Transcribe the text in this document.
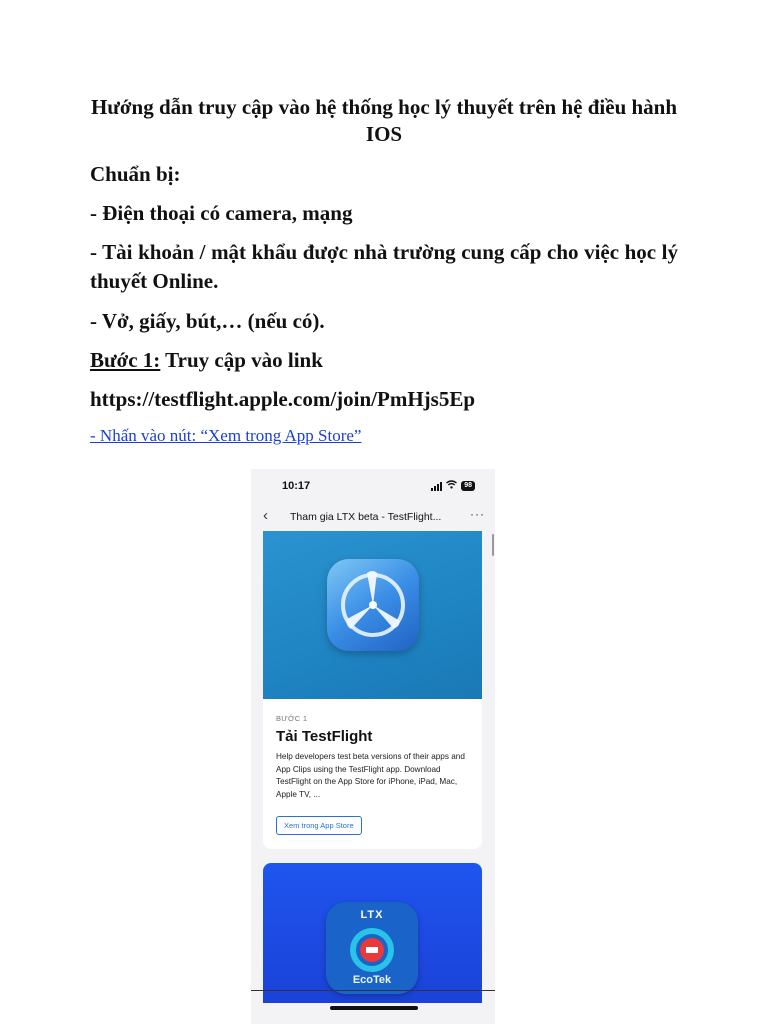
Hướng dẫn truy cập vào hệ thống học lý thuyết trên hệ điều hành IOS
Chuẩn bị:
- Điện thoại có camera, mạng
- Tài khoản / mật khẩu được nhà trường cung cấp cho việc học lý thuyết Online.
- Vở, giấy, bút,… (nếu có).
Bước 1: Truy cập vào link
https://testflight.apple.com/join/PmHjs5Ep
- Nhấn vào nút: “Xem trong App Store”
10:17	98
‹ Tham gia LTX beta - TestFlight... ···
BƯỚC 1
Tải TestFlight
Help developers test beta versions of their apps and App Clips using the TestFlight app. Download TestFlight on the App Store for iPhone, iPad, Mac, Apple TV, ...
Xem trong App Store
LTX
EcoTek
